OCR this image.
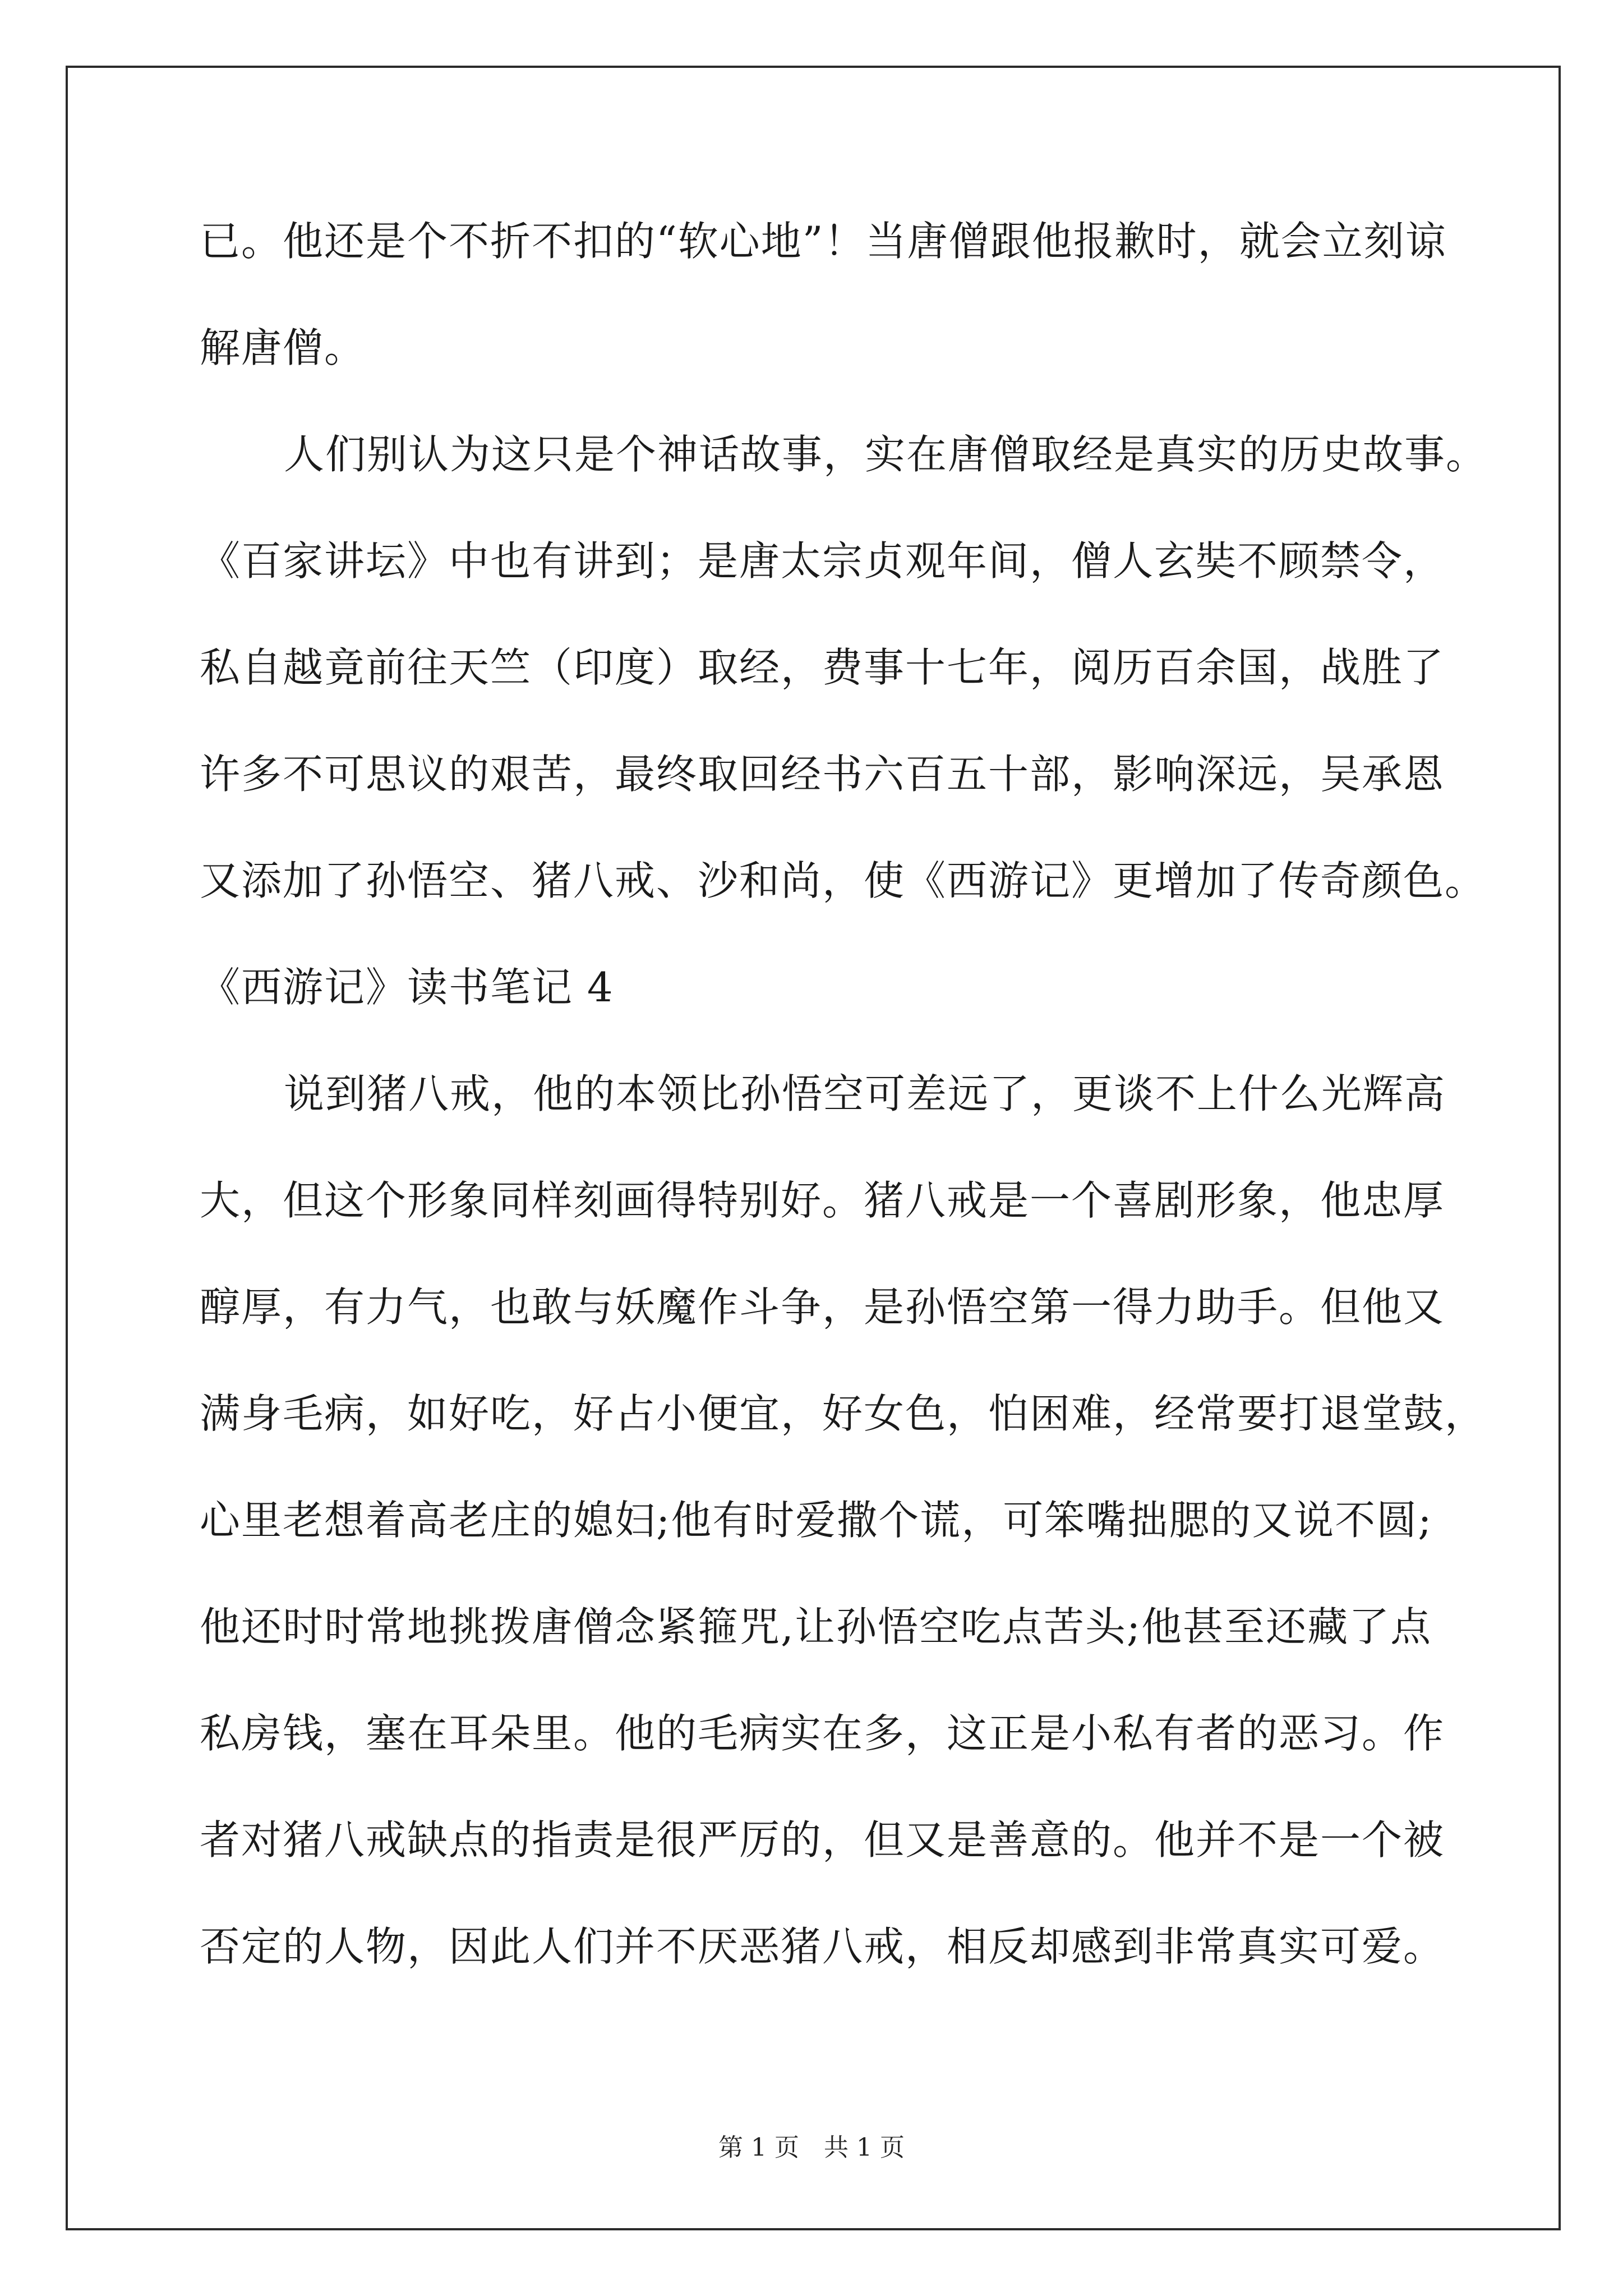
已。他还是个不折不扣的“软心地”！当唐僧跟他报歉时，就会立刻谅
解唐僧。
人们别认为这只是个神话故事，实在唐僧取经是真实的历史故事。
《百家讲坛》中也有讲到；是唐太宗贞观年间，僧人玄奘不顾禁令，
私自越竟前往天竺（印度）取经，费事十七年，阅历百余国，战胜了
许多不可思议的艰苦，最终取回经书六百五十部，影响深远，吴承恩
又添加了孙悟空、猪八戒、沙和尚，使《西游记》更增加了传奇颜色。
《西游记》读书笔记 4
说到猪八戒，他的本领比孙悟空可差远了，更谈不上什么光辉高
大，但这个形象同样刻画得特别好。猪八戒是一个喜剧形象，他忠厚
醇厚，有力气，也敢与妖魔作斗争，是孙悟空第一得力助手。但他又
满身毛病，如好吃，好占小便宜，好女色，怕困难，经常要打退堂鼓，
心里老想着高老庄的媳妇;他有时爱撒个谎，可笨嘴拙腮的又说不圆;
他还时时常地挑拨唐僧念紧箍咒,让孙悟空吃点苦头;他甚至还藏了点
私房钱，塞在耳朵里。他的毛病实在多，这正是小私有者的恶习。作
者对猪八戒缺点的指责是很严厉的，但又是善意的。他并不是一个被
否定的人物，因此人们并不厌恶猪八戒，相反却感到非常真实可爱。
第 1 页　共 1 页
